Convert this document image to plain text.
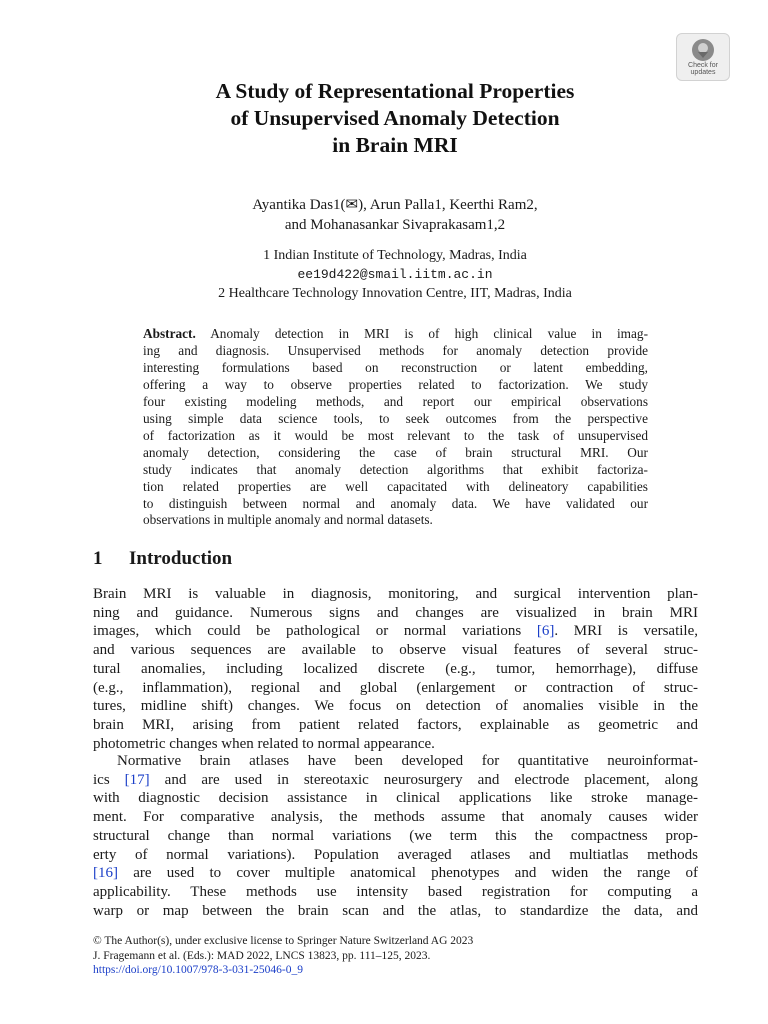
Check for
updates
A Study of Representational Properties
of Unsupervised Anomaly Detection
in Brain MRI
Ayantika Das1(✉), Arun Palla1, Keerthi Ram2,
and Mohanasankar Sivaprakasam1,2
1 Indian Institute of Technology, Madras, India
ee19d422@smail.iitm.ac.in
2 Healthcare Technology Innovation Centre, IIT, Madras, India
Abstract. Anomaly detection in MRI is of high clinical value in imag-
ing and diagnosis. Unsupervised methods for anomaly detection provide
interesting formulations based on reconstruction or latent embedding,
offering a way to observe properties related to factorization. We study
four existing modeling methods, and report our empirical observations
using simple data science tools, to seek outcomes from the perspective
of factorization as it would be most relevant to the task of unsupervised
anomaly detection, considering the case of brain structural MRI. Our
study indicates that anomaly detection algorithms that exhibit factoriza-
tion related properties are well capacitated with delineatory capabilities
to distinguish between normal and anomaly data. We have validated our
observations in multiple anomaly and normal datasets.
1 Introduction
Brain MRI is valuable in diagnosis, monitoring, and surgical intervention plan-
ning and guidance. Numerous signs and changes are visualized in brain MRI
images, which could be pathological or normal variations [6]. MRI is versatile,
and various sequences are available to observe visual features of several struc-
tural anomalies, including localized discrete (e.g., tumor, hemorrhage), diffuse
(e.g., inflammation), regional and global (enlargement or contraction of struc-
tures, midline shift) changes. We focus on detection of anomalies visible in the
brain MRI, arising from patient related factors, explainable as geometric and
photometric changes when related to normal appearance.
Normative brain atlases have been developed for quantitative neuroinformat-
ics [17] and are used in stereotaxic neurosurgery and electrode placement, along
with diagnostic decision assistance in clinical applications like stroke manage-
ment. For comparative analysis, the methods assume that anomaly causes wider
structural change than normal variations (we term this the compactness prop-
erty of normal variations). Population averaged atlases and multiatlas methods
[16] are used to cover multiple anatomical phenotypes and widen the range of
applicability. These methods use intensity based registration for computing a
warp or map between the brain scan and the atlas, to standardize the data, and
© The Author(s), under exclusive license to Springer Nature Switzerland AG 2023
J. Fragemann et al. (Eds.): MAD 2022, LNCS 13823, pp. 111–125, 2023.
https://doi.org/10.1007/978-3-031-25046-0_9
